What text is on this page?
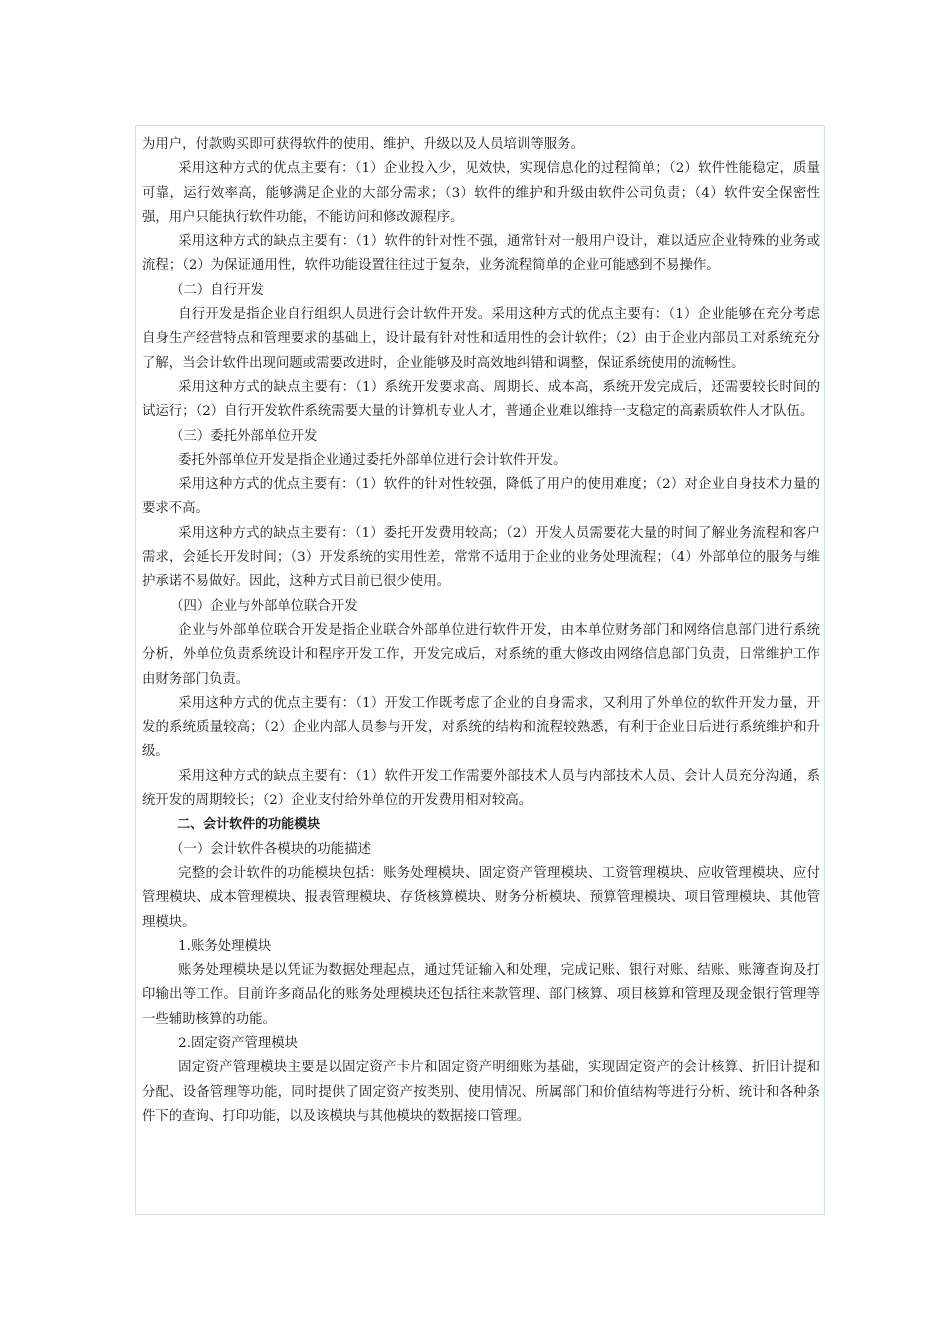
为用户，付款购买即可获得软件的使用、维护、升级以及人员培训等服务。

采用这种方式的优点主要有：（1）企业投入少，见效快，实现信息化的过程简单；（2）软件性能稳定，质量可靠，运行效率高，能够满足企业的大部分需求；（3）软件的维护和升级由软件公司负责；（4）软件安全保密性强，用户只能执行软件功能，不能访问和修改源程序。

采用这种方式的缺点主要有：（1）软件的针对性不强，通常针对一般用户设计，难以适应企业特殊的业务或流程；（2）为保证通用性，软件功能设置往往过于复杂，业务流程简单的企业可能感到不易操作。

（二）自行开发

自行开发是指企业自行组织人员进行会计软件开发。采用这种方式的优点主要有：（1）企业能够在充分考虑自身生产经营特点和管理要求的基础上，设计最有针对性和适用性的会计软件；（2）由于企业内部员工对系统充分了解，当会计软件出现问题或需要改进时，企业能够及时高效地纠错和调整，保证系统使用的流畅性。

采用这种方式的缺点主要有：（1）系统开发要求高、周期长、成本高，系统开发完成后，还需要较长时间的试运行；（2）自行开发软件系统需要大量的计算机专业人才，普通企业难以维持一支稳定的高素质软件人才队伍。

（三）委托外部单位开发

委托外部单位开发是指企业通过委托外部单位进行会计软件开发。

采用这种方式的优点主要有：（1）软件的针对性较强，降低了用户的使用难度；（2）对企业自身技术力量的要求不高。

采用这种方式的缺点主要有：（1）委托开发费用较高；（2）开发人员需要花大量的时间了解业务流程和客户需求，会延长开发时间；（3）开发系统的实用性差，常常不适用于企业的业务处理流程；（4）外部单位的服务与维护承诺不易做好。因此，这种方式目前已很少使用。

（四）企业与外部单位联合开发

企业与外部单位联合开发是指企业联合外部单位进行软件开发，由本单位财务部门和网络信息部门进行系统分析，外单位负责系统设计和程序开发工作，开发完成后，对系统的重大修改由网络信息部门负责，日常维护工作由财务部门负责。

采用这种方式的优点主要有：（1）开发工作既考虑了企业的自身需求，又利用了外单位的软件开发力量，开发的系统质量较高；（2）企业内部人员参与开发，对系统的结构和流程较熟悉，有利于企业日后进行系统维护和升级。

采用这种方式的缺点主要有：（1）软件开发工作需要外部技术人员与内部技术人员、会计人员充分沟通，系统开发的周期较长；（2）企业支付给外单位的开发费用相对较高。

二、会计软件的功能模块

（一）会计软件各模块的功能描述

完整的会计软件的功能模块包括：账务处理模块、固定资产管理模块、工资管理模块、应收管理模块、应付管理模块、成本管理模块、报表管理模块、存货核算模块、财务分析模块、预算管理模块、项目管理模块、其他管理模块。

1.账务处理模块

账务处理模块是以凭证为数据处理起点，通过凭证输入和处理，完成记账、银行对账、结账、账簿查询及打印输出等工作。目前许多商品化的账务处理模块还包括往来款管理、部门核算、项目核算和管理及现金银行管理等一些辅助核算的功能。

2.固定资产管理模块

固定资产管理模块主要是以固定资产卡片和固定资产明细账为基础，实现固定资产的会计核算、折旧计提和分配、设备管理等功能，同时提供了固定资产按类别、使用情况、所属部门和价值结构等进行分析、统计和各种条件下的查询、打印功能，以及该模块与其他模块的数据接口管理。
